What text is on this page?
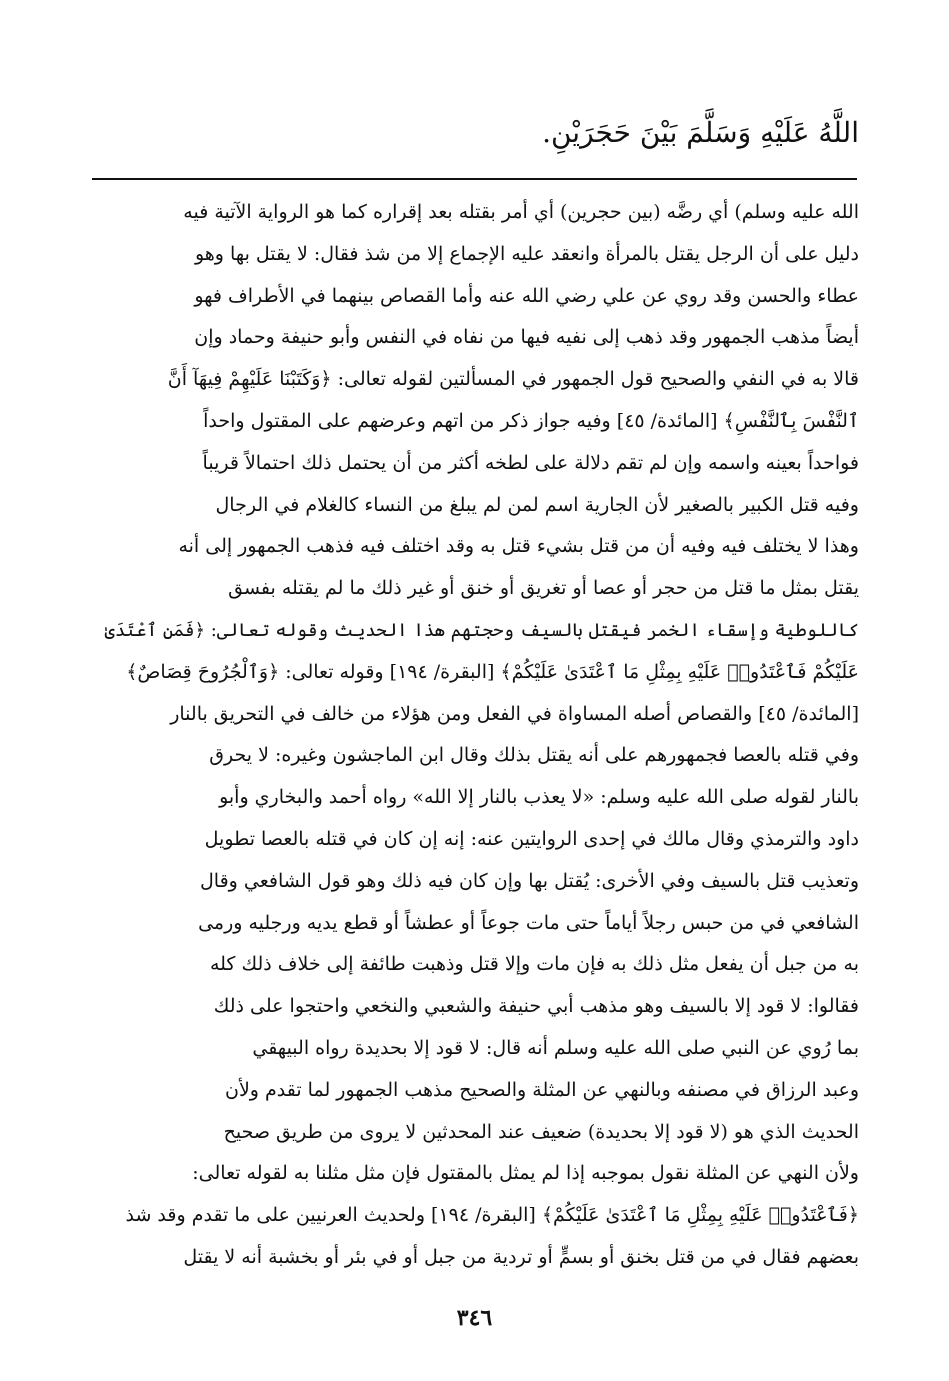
اللَّهُ عَلَيْهِ وَسَلَّمَ بَيْنَ حَجَرَيْنِ.
الله عليه وسلم) أي رضَّه (بين حجرين) أي أمر بقتله بعد إقراره كما هو الرواية الآتية فيه
دليل على أن الرجل يقتل بالمرأة وانعقد عليه الإجماع إلا من شذ فقال: لا يقتل بها وهو
عطاء والحسن وقد روي عن علي رضي الله عنه وأما القصاص بينهما في الأطراف فهو
أيضاً مذهب الجمهور وقد ذهب إلى نفيه فيها من نفاه في النفس وأبو حنيفة وحماد وإن
قالا به في النفي والصحيح قول الجمهور في المسألتين لقوله تعالى: ﴿وَكَتَبْنَا عَلَيْهِمْ فِيهَآ أَنَّ
ٱلنَّفْسَ بِٱلنَّفْسِ﴾ [المائدة/ ٤٥] وفيه جواز ذكر من اتهم وعرضهم على المقتول واحداً
فواحداً بعينه واسمه وإن لم تقم دلالة على لطخه أكثر من أن يحتمل ذلك احتمالاً قريباً
وفيه قتل الكبير بالصغير لأن الجارية اسم لمن لم يبلغ من النساء كالغلام في الرجال
وهذا لا يختلف فيه وفيه أن من قتل بشيء قتل به وقد اختلف فيه فذهب الجمهور إلى أنه
يقتل بمثل ما قتل من حجر أو عصا أو تغريق أو خنق أو غير ذلك ما لم يقتله بفسق
كاللوطية وإسقاء الخمر فيقتل بالسيف وحجتهم هذا الحديث وقوله تعالى: ﴿فَمَنِ ٱعْتَدَىٰ
عَلَيْكُمْ فَٱعْتَدُوا۟ عَلَيْهِ بِمِثْلِ مَا ٱعْتَدَىٰ عَلَيْكُمْ﴾ [البقرة/ ١٩٤] وقوله تعالى: ﴿وَٱلْجُرُوحَ قِصَاصٌ﴾
[المائدة/ ٤٥] والقصاص أصله المساواة في الفعل ومن هؤلاء من خالف في التحريق بالنار
وفي قتله بالعصا فجمهورهم على أنه يقتل بذلك وقال ابن الماجشون وغيره: لا يحرق
بالنار لقوله صلى الله عليه وسلم: «لا يعذب بالنار إلا الله» رواه أحمد والبخاري وأبو
داود والترمذي وقال مالك في إحدى الروايتين عنه: إنه إن كان في قتله بالعصا تطويل
وتعذيب قتل بالسيف وفي الأخرى: يُقتل بها وإن كان فيه ذلك وهو قول الشافعي وقال
الشافعي في من حبس رجلاً أياماً حتى مات جوعاً أو عطشاً أو قطع يديه ورجليه ورمى
به من جبل أن يفعل مثل ذلك به فإن مات وإلا قتل وذهبت طائفة إلى خلاف ذلك كله
فقالوا: لا قود إلا بالسيف وهو مذهب أبي حنيفة والشعبي والنخعي واحتجوا على ذلك
بما رُوي عن النبي صلى الله عليه وسلم أنه قال: لا قود إلا بحديدة رواه البيهقي
وعبد الرزاق في مصنفه وبالنهي عن المثلة والصحيح مذهب الجمهور لما تقدم ولأن
الحديث الذي هو (لا قود إلا بحديدة) ضعيف عند المحدثين لا يروى من طريق صحيح
ولأن النهي عن المثلة نقول بموجبه إذا لم يمثل بالمقتول فإن مثل مثلنا به لقوله تعالى:
﴿فَٱعْتَدُوا۟ عَلَيْهِ بِمِثْلِ مَا ٱعْتَدَىٰ عَلَيْكُمْ﴾ [البقرة/ ١٩٤] ولحديث العرنيين على ما تقدم وقد شذ
بعضهم فقال في من قتل بخنق أو بسمٍّ أو تردية من جبل أو في بئر أو بخشبة أنه لا يقتل
٣٤٦
